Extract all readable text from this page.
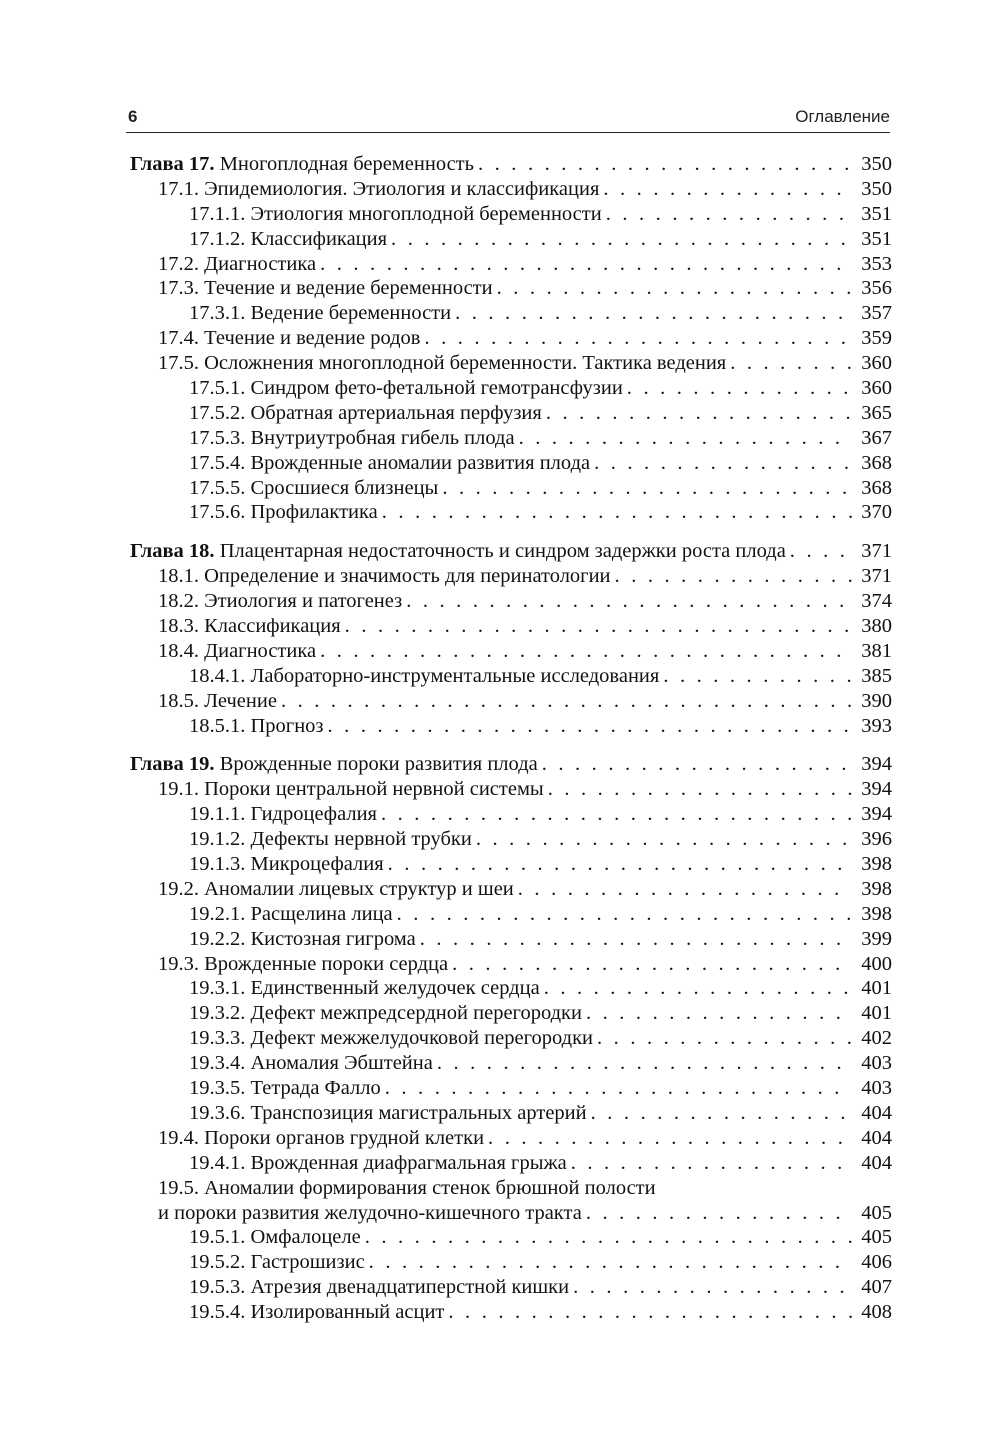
6	Оглавление
Глава 17. Многоплодная беременность . . .	350
17.1. Эпидемиология. Этиология и классификация . . .	350
17.1.1. Этиология многоплодной беременности . . .	351
17.1.2. Классификация . . .	351
17.2. Диагностика . . .	353
17.3. Течение и ведение беременности . . .	356
17.3.1. Ведение беременности . . .	357
17.4. Течение и ведение родов . . .	359
17.5. Осложнения многоплодной беременности. Тактика ведения . . .	360
17.5.1. Синдром фето-фетальной гемотрансфузии . . .	360
17.5.2. Обратная артериальная перфузия . . .	365
17.5.3. Внутриутробная гибель плода . . .	367
17.5.4. Врожденные аномалии развития плода . . .	368
17.5.5. Сросшиеся близнецы . . .	368
17.5.6. Профилактика . . .	370
Глава 18. Плацентарная недостаточность и синдром задержки роста плода . . .	371
18.1. Определение и значимость для перинатологии . . .	371
18.2. Этиология и патогенез . . .	374
18.3. Классификация . . .	380
18.4. Диагностика . . .	381
18.4.1. Лабораторно-инструментальные исследования . . .	385
18.5. Лечение . . .	390
18.5.1. Прогноз . . .	393
Глава 19. Врожденные пороки развития плода . . .	394
19.1. Пороки центральной нервной системы . . .	394
19.1.1. Гидроцефалия . . .	394
19.1.2. Дефекты нервной трубки . . .	396
19.1.3. Микроцефалия . . .	398
19.2. Аномалии лицевых структур и шеи . . .	398
19.2.1. Расщелина лица . . .	398
19.2.2. Кистозная гигрома . . .	399
19.3. Врожденные пороки сердца . . .	400
19.3.1. Единственный желудочек сердца . . .	401
19.3.2. Дефект межпредсердной перегородки . . .	401
19.3.3. Дефект межжелудочковой перегородки . . .	402
19.3.4. Аномалия Эбштейна . . .	403
19.3.5. Тетрада Фалло . . .	403
19.3.6. Транспозиция магистральных артерий . . .	404
19.4. Пороки органов грудной клетки . . .	404
19.4.1. Врожденная диафрагмальная грыжа . . .	404
19.5. Аномалии формирования стенок брюшной полости
и пороки развития желудочно-кишечного тракта . . .	405
19.5.1. Омфалоцеле . . .	405
19.5.2. Гастрошизис . . .	406
19.5.3. Атрезия двенадцатиперстной кишки . . .	407
19.5.4. Изолированный асцит . . .	408
